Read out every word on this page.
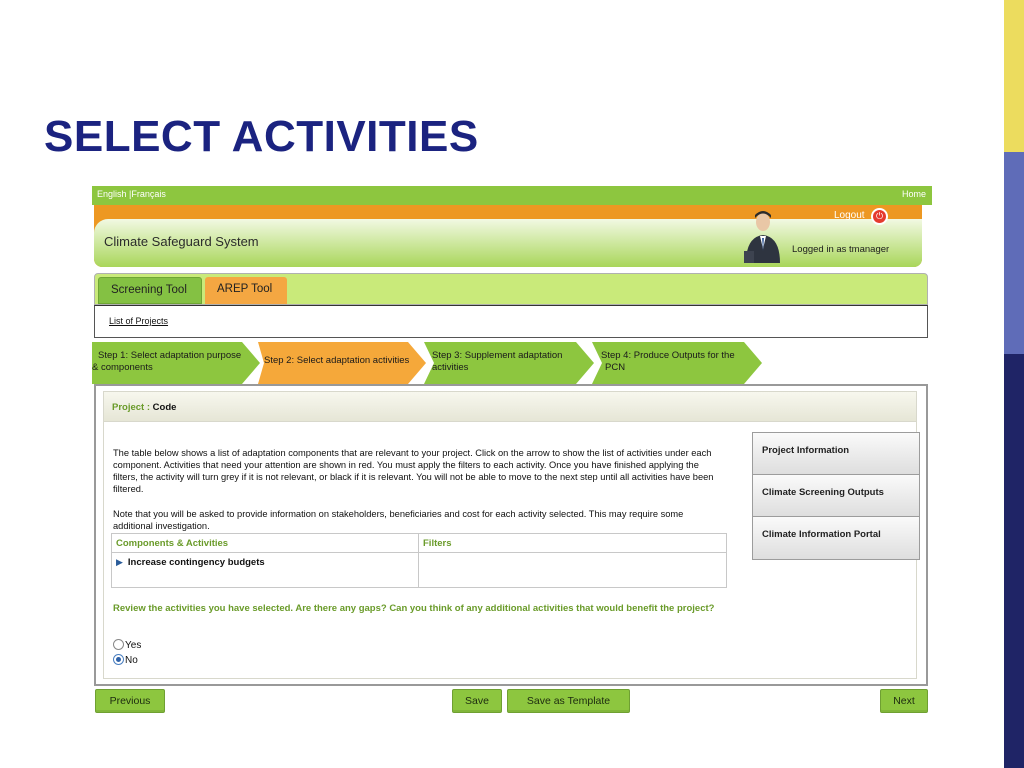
SELECT ACTIVITIES
English |Français	Home
Climate Safeguard System
Logout	⏻
Logged in as tmanager
Screening Tool	AREP Tool
List of Projects
Step 1: Select adaptation purpose
& components
Step 2: Select adaptation activities	Step 3: Supplement adaptation
activities
Step 4: Produce Outputs for the
PCN
Project : Code
The table below shows a list of adaptation components that are relevant to your project. Click on the arrow to show the list of activities under each component. Activities that need your attention are shown in red. You must apply the filters to each activity. Once you have finished applying the filters, the activity will turn grey if it is not relevant, or black if it is relevant. You will not be able to move to the next step until all activities have been filtered.
Note that you will be asked to provide information on stakeholders, beneficiaries and cost for each activity selected. This may require some additional investigation.
Components & Activities	Filters
▶ Increase contingency budgets	
Review the activities you have selected. Are there any gaps? Can you think of any additional activities that would benefit the project?
Yes
No
Project Information
Climate Screening Outputs
Climate Information Portal
Previous	Save	Save as Template	Next
